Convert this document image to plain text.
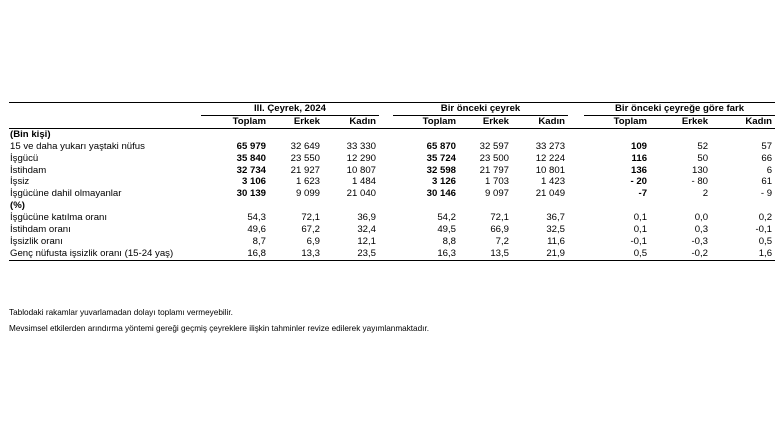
		III. Çeyrek, 2024				Bir önceki çeyrek				Bir önceki çeyreğe göre fark		
		Toplam	Erkek	Kadın		Toplam	Erkek	Kadın		Toplam	Erkek	Kadın
(Bin kişi)												
15 ve daha yukarı yaştaki nüfus		65 979	32 649	33 330		65 870	32 597	33 273		109	52	57
İşgücü		35 840	23 550	12 290		35 724	23 500	12 224		116	50	66
İstihdam		32 734	21 927	10 807		32 598	21 797	10 801		136	130	6
İşsiz		3 106	1 623	1 484		3 126	1 703	1 423		- 20	- 80	61
İşgücüne dahil olmayanlar		30 139	9 099	21 040		30 146	9 097	21 049		-7	2	- 9
(%)												
İşgücüne katılma oranı		54,3	72,1	36,9		54,2	72,1	36,7		0,1	0,0	0,2
İstihdam oranı		49,6	67,2	32,4		49,5	66,9	32,5		0,1	0,3	-0,1
İşsizlik oranı		8,7	6,9	12,1		8,8	7,2	11,6		-0,1	-0,3	0,5
Genç nüfusta işsizlik oranı (15-24 yaş)		16,8	13,3	23,5		16,3	13,5	21,9		0,5	-0,2	1,6
Tablodaki rakamlar yuvarlamadan dolayı toplamı vermeyebilir.
Mevsimsel etkilerden arındırma yöntemi gereği geçmiş çeyreklere ilişkin tahminler revize edilerek yayımlanmaktadır.
